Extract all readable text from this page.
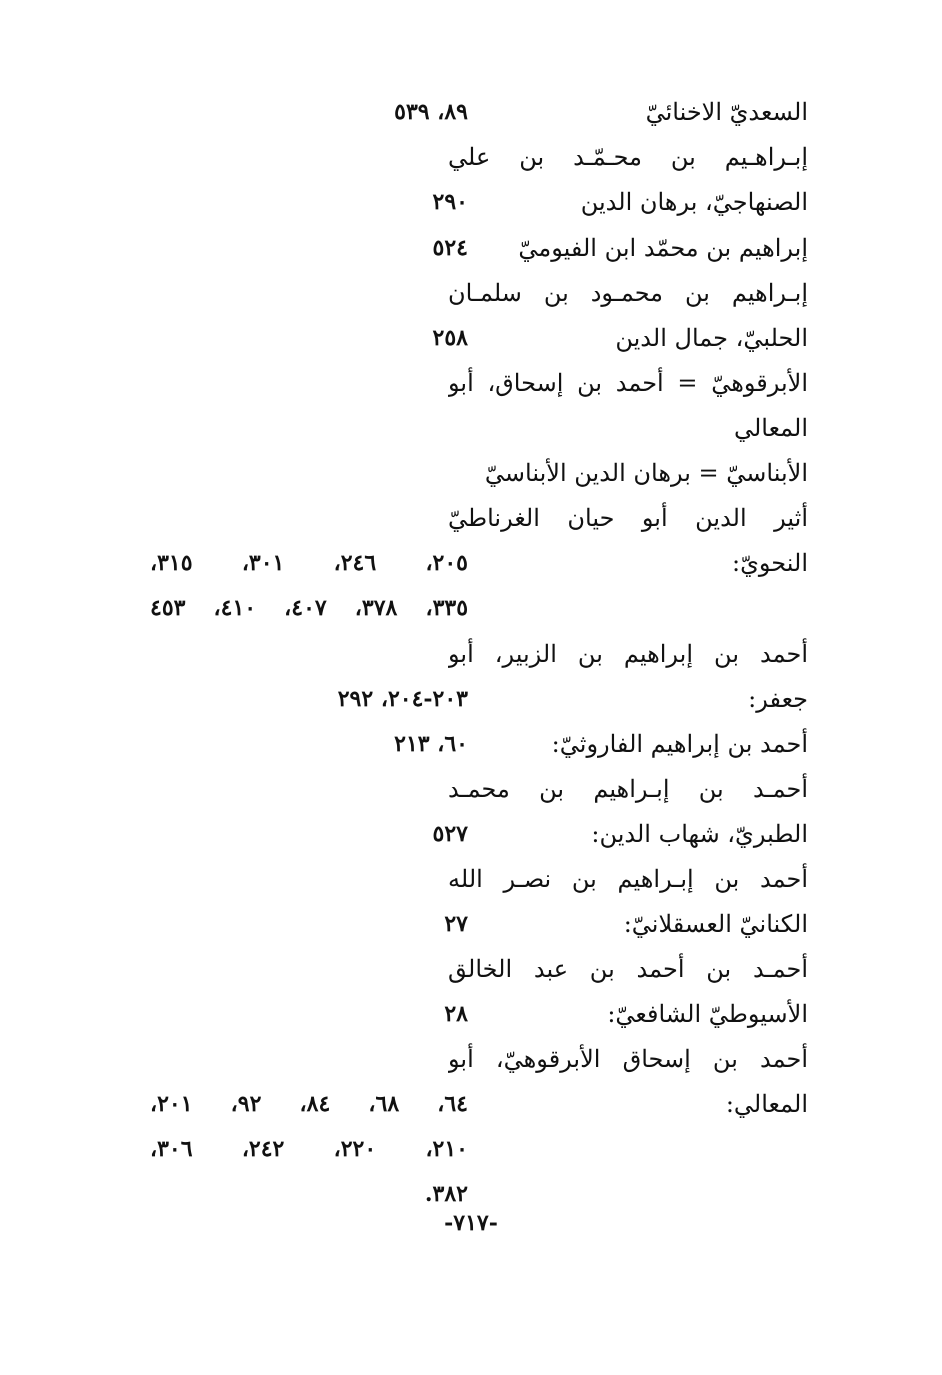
السعديّ الاخنائيّ
٨٩، ٥٣٩
إبـراهـيم بن محـمّـد بن علي
الصنهاجيّ، برهان الدين
٢٩٠
إبراهيم بن محمّد ابن الفيوميّ
٥٢٤
إبـراهيم بن محمـود بن سلمـان
الحلبيّ، جمال الدين
٢٥٨
الأبرقوهيّ = أحمد بن إسحاق، أبو
المعالي
الأبناسيّ = برهان الدين الأبناسيّ
أثير الدين أبو حيان الغرناطيّ
النحويّ:
٢٠٥، ٢٤٦، ٣٠١، ٣١٥،
٣٣٥، ٣٧٨، ٤٠٧، ٤١٠، ٤٥٣
أحمد بن إبراهيم بن الزبير، أبو
جعفر:
٢٠٣-٢٠٤، ٢٩٢
أحمد بن إبراهيم الفاروثيّ:
٦٠، ٢١٣
أحمـد بن إبـراهيم بن محمـد
الطبريّ، شهاب الدين:
٥٢٧
أحمد بن إبـراهيم بن نصـر الله
الكنانيّ العسقلانيّ:
٢٧
أحمـد بن أحمد بن عبد الخالق
الأسيوطيّ الشافعيّ:
٢٨
أحمد بن إسحاق الأبرقوهيّ، أبو
المعالي:
٦٤، ٦٨، ٨٤، ٩٢، ٢٠١،
٢١٠، ٢٢٠، ٢٤٢، ٣٠٦،
٣٨٢.
-٧١٧-
